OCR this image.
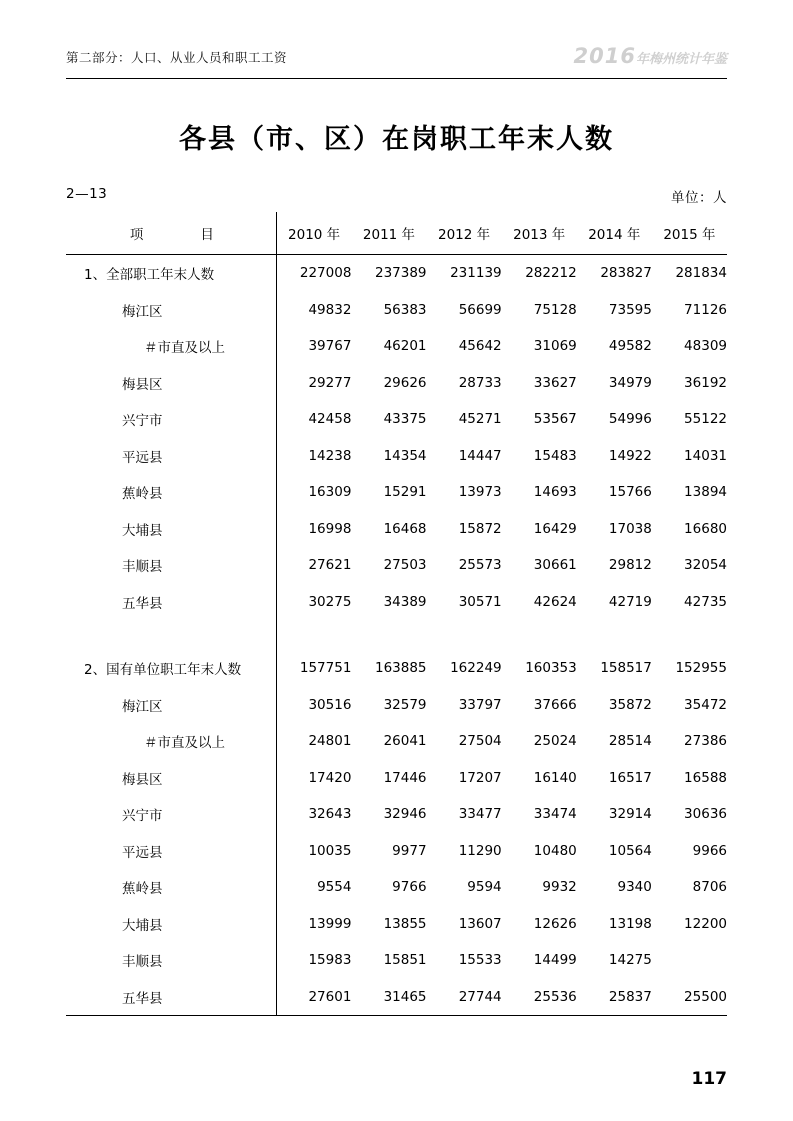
第二部分：人口、从业人员和职工工资	2016年梅州统计年鉴
各县（市、区）在岗职工年末人数
2—13	单位：人
项　　目	2010 年	2011 年	2012 年	2013 年	2014 年	2015 年
1、全部职工年末人数	227008	237389	231139	282212	283827	281834
梅江区	49832	56383	56699	75128	73595	71126
＃市直及以上	39767	46201	45642	31069	49582	48309
梅县区	29277	29626	28733	33627	34979	36192
兴宁市	42458	43375	45271	53567	54996	55122
平远县	14238	14354	14447	15483	14922	14031
蕉岭县	16309	15291	13973	14693	15766	13894
大埔县	16998	16468	15872	16429	17038	16680
丰顺县	27621	27503	25573	30661	29812	32054
五华县	30275	34389	30571	42624	42719	42735

2、国有单位职工年末人数	157751	163885	162249	160353	158517	152955
梅江区	30516	32579	33797	37666	35872	35472
＃市直及以上	24801	26041	27504	25024	28514	27386
梅县区	17420	17446	17207	16140	16517	16588
兴宁市	32643	32946	33477	33474	32914	30636
平远县	10035	9977	11290	10480	10564	9966
蕉岭县	9554	9766	9594	9932	9340	8706
大埔县	13999	13855	13607	12626	13198	12200
丰顺县	15983	15851	15533	14499	14275	
五华县	27601	31465	27744	25536	25837	25500
117
